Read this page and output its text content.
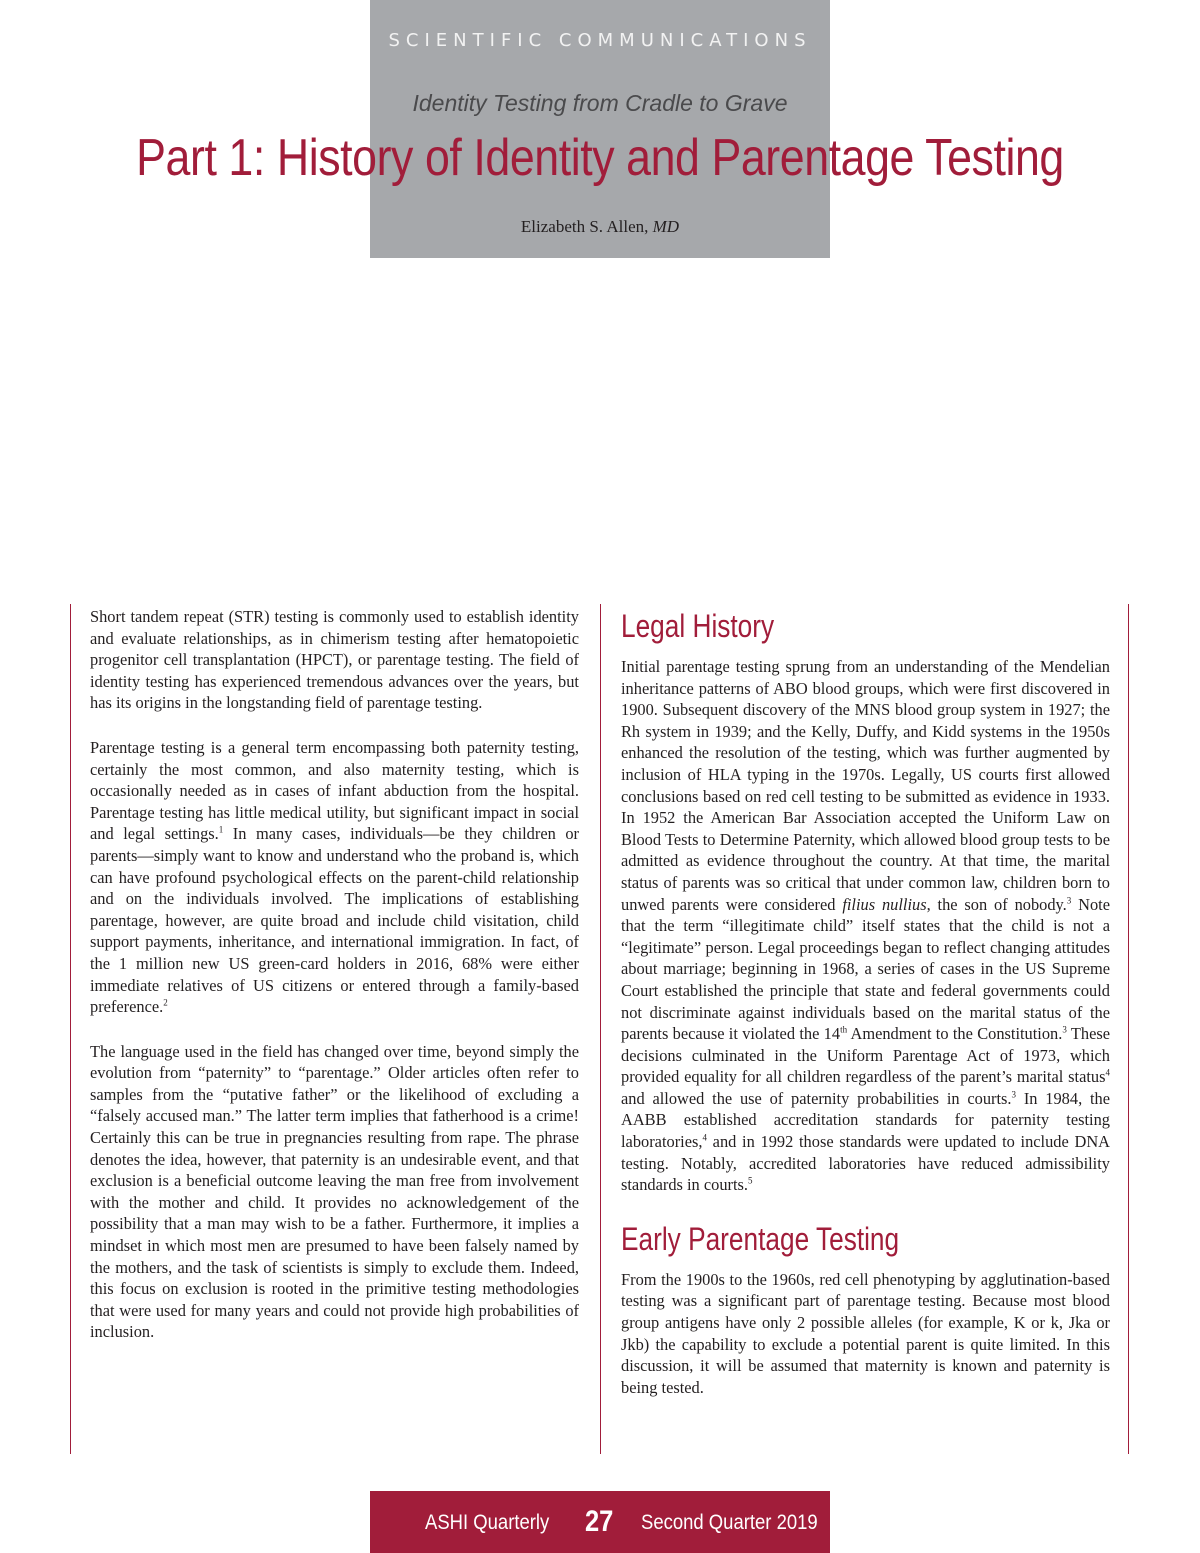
SCIENTIFIC COMMUNICATIONS
Identity Testing from Cradle to Grave
Part 1: History of Identity and Parentage Testing
Elizabeth S. Allen, MD

Short tandem repeat (STR) testing is commonly used to establish identity and evaluate relationships, as in chimerism testing after hematopoietic progenitor cell transplantation (HPCT), or parentage testing. The field of identity testing has experienced tremendous advances over the years, but has its origins in the longstanding field of parentage testing.

Parentage testing is a general term encompassing both paternity testing, certainly the most common, and also maternity testing, which is occasionally needed as in cases of infant abduction from the hospital. Parentage testing has little medical utility, but significant impact in social and legal settings.$^1$ In many cases, individuals—be they children or parents—simply want to know and understand who the proband is, which can have profound psychological effects on the parent-child relationship and on the individuals involved. The implications of establishing parentage, however, are quite broad and include child visitation, child support payments, inheritance, and international immigration. In fact, of the 1 million new US green-card holders in 2016, 68% were either immediate relatives of US citizens or entered through a family-based preference.$^2$

The language used in the field has changed over time, beyond simply the evolution from “paternity” to “parentage.” Older articles often refer to samples from the “putative father” or the likelihood of excluding a “falsely accused man.” The latter term implies that fatherhood is a crime! Certainly this can be true in pregnancies resulting from rape. The phrase denotes the idea, however, that paternity is an undesirable event, and that exclusion is a beneficial outcome leaving the man free from involvement with the mother and child. It provides no acknowledgement of the possibility that a man may wish to be a father. Furthermore, it implies a mindset in which most men are presumed to have been falsely named by the mothers, and the task of scientists is simply to exclude them. Indeed, this focus on exclusion is rooted in the primitive testing methodologies that were used for many years and could not provide high probabilities of inclusion.

Legal History

Initial parentage testing sprung from an understanding of the Mendelian inheritance patterns of ABO blood groups, which were first discovered in 1900. Subsequent discovery of the MNS blood group system in 1927; the Rh system in 1939; and the Kelly, Duffy, and Kidd systems in the 1950s enhanced the resolution of the testing, which was further augmented by inclusion of HLA typing in the 1970s. Legally, US courts first allowed conclusions based on red cell testing to be submitted as evidence in 1933. In 1952 the American Bar Association accepted the Uniform Law on Blood Tests to Determine Paternity, which allowed blood group tests to be admitted as evidence throughout the country. At that time, the marital status of parents was so critical that under common law, children born to unwed parents were considered filius nullius, the son of nobody.$^3$ Note that the term “illegitimate child” itself states that the child is not a “legitimate” person. Legal proceedings began to reflect changing attitudes about marriage; beginning in 1968, a series of cases in the US Supreme Court established the principle that state and federal governments could not discriminate against individuals based on the marital status of the parents because it violated the 14th Amendment to the Constitution.$^3$ These decisions culminated in the Uniform Parentage Act of 1973, which provided equality for all children regardless of the parent’s marital status$^4$ and allowed the use of paternity probabilities in courts.$^3$ In 1984, the AABB established accreditation standards for paternity testing laboratories,$^4$ and in 1992 those standards were updated to include DNA testing. Notably, accredited laboratories have reduced admissibility standards in courts.$^5$

Early Parentage Testing

From the 1900s to the 1960s, red cell phenotyping by agglutination-based testing was a significant part of parentage testing. Because most blood group antigens have only 2 possible alleles (for example, K or k, Jka or Jkb) the capability to exclude a potential parent is quite limited. In this discussion, it will be assumed that maternity is known and paternity is being tested.

ASHI Quarterly 27 Second Quarter 2019
